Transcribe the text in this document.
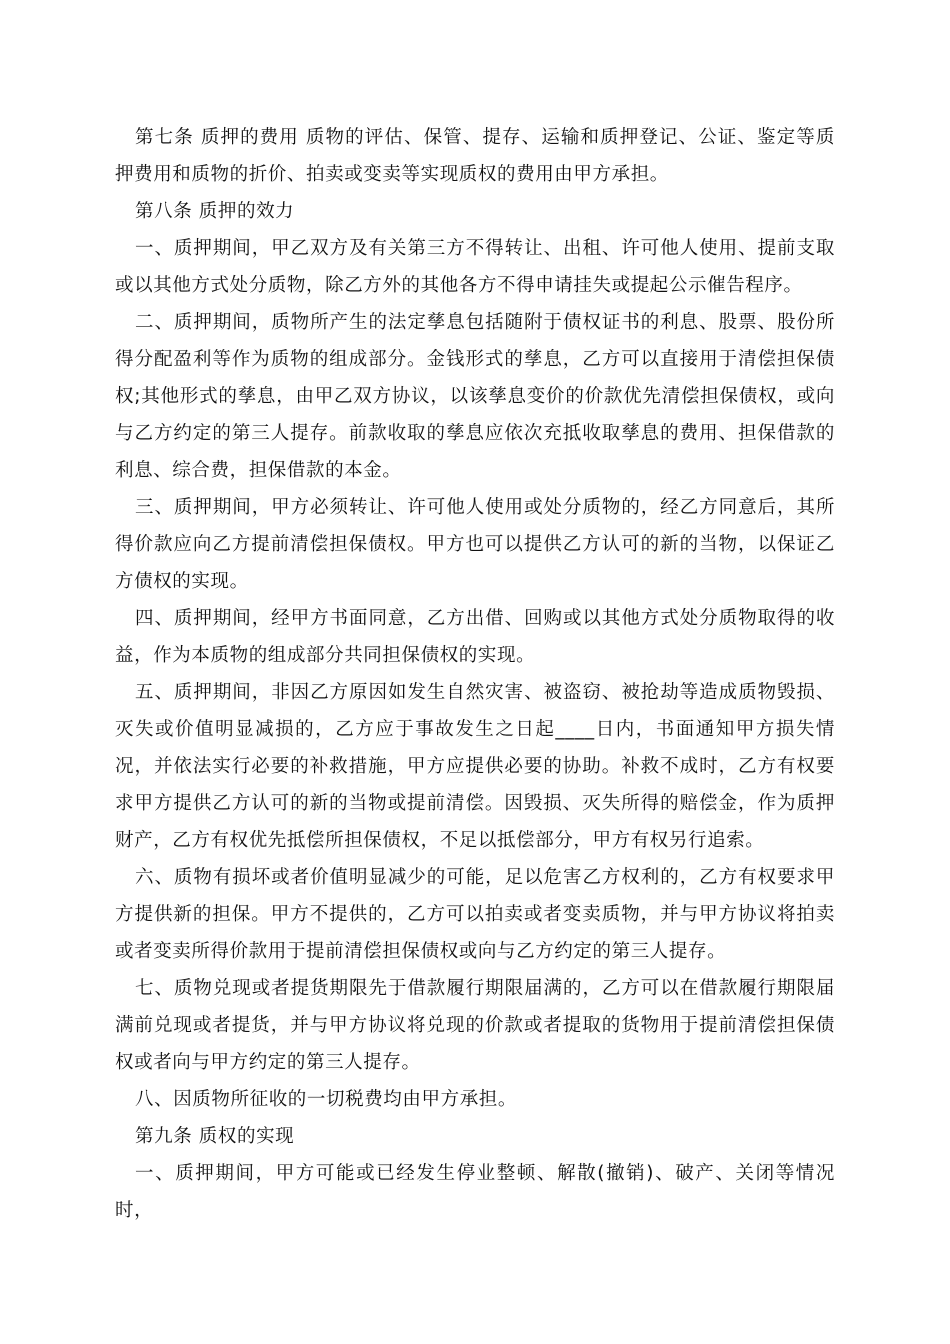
第七条 质押的费用 质物的评估、保管、提存、运输和质押登记、公证、鉴定等质押费用和质物的折价、拍卖或变卖等实现质权的费用由甲方承担。

第八条 质押的效力

一、质押期间，甲乙双方及有关第三方不得转让、出租、许可他人使用、提前支取或以其他方式处分质物，除乙方外的其他各方不得申请挂失或提起公示催告程序。

二、质押期间，质物所产生的法定孳息包括随附于债权证书的利息、股票、股份所得分配盈利等作为质物的组成部分。金钱形式的孳息，乙方可以直接用于清偿担保债权;其他形式的孳息，由甲乙双方协议，以该孳息变价的价款优先清偿担保债权，或向与乙方约定的第三人提存。前款收取的孳息应依次充抵收取孳息的费用、担保借款的利息、综合费，担保借款的本金。

三、质押期间，甲方必须转让、许可他人使用或处分质物的，经乙方同意后，其所得价款应向乙方提前清偿担保债权。甲方也可以提供乙方认可的新的当物，以保证乙方债权的实现。

四、质押期间，经甲方书面同意，乙方出借、回购或以其他方式处分质物取得的收益，作为本质物的组成部分共同担保债权的实现。

五、质押期间，非因乙方原因如发生自然灾害、被盗窃、被抢劫等造成质物毁损、灭失或价值明显减损的，乙方应于事故发生之日起____日内，书面通知甲方损失情况，并依法实行必要的补救措施，甲方应提供必要的协助。补救不成时，乙方有权要求甲方提供乙方认可的新的当物或提前清偿。因毁损、灭失所得的赔偿金，作为质押财产，乙方有权优先抵偿所担保债权，不足以抵偿部分，甲方有权另行追索。

六、质物有损坏或者价值明显减少的可能，足以危害乙方权利的，乙方有权要求甲方提供新的担保。甲方不提供的，乙方可以拍卖或者变卖质物，并与甲方协议将拍卖或者变卖所得价款用于提前清偿担保债权或向与乙方约定的第三人提存。

七、质物兑现或者提货期限先于借款履行期限届满的，乙方可以在借款履行期限届满前兑现或者提货，并与甲方协议将兑现的价款或者提取的货物用于提前清偿担保债权或者向与甲方约定的第三人提存。

八、因质物所征收的一切税费均由甲方承担。

第九条 质权的实现

一、质押期间，甲方可能或已经发生停业整顿、解散(撤销)、破产、关闭等情况时，
